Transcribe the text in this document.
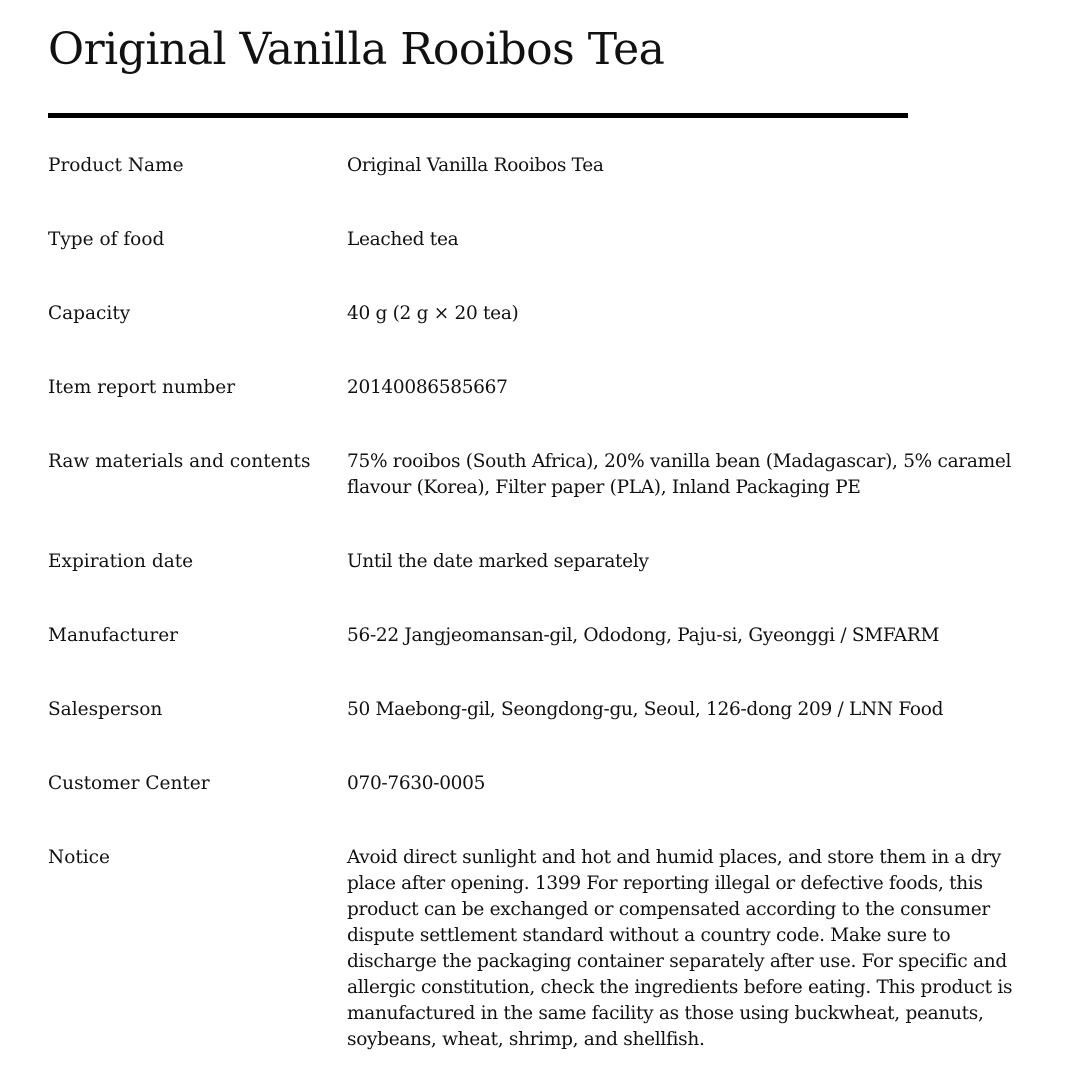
Original Vanilla Rooibos Tea
Product Name	Original Vanilla Rooibos Tea
Type of food	Leached tea
Capacity	40 g (2 g × 20 tea)
Item report number	20140086585667
Raw materials and contents	75% rooibos (South Africa), 20% vanilla bean (Madagascar), 5% caramel flavour (Korea), Filter paper (PLA), Inland Packaging PE
Expiration date	Until the date marked separately
Manufacturer	56-22 Jangjeomansan-gil, Ododong, Paju-si, Gyeonggi / SMFARM
Salesperson	50 Maebong-gil, Seongdong-gu, Seoul, 126-dong 209 / LNN Food
Customer Center	070-7630-0005
Notice	Avoid direct sunlight and hot and humid places, and store them in a dry place after opening. 1399 For reporting illegal or defective foods, this product can be exchanged or compensated according to the consumer dispute settlement standard without a country code. Make sure to discharge the packaging container separately after use. For specific and allergic constitution, check the ingredients before eating. This product is manufactured in the same facility as those using buckwheat, peanuts, soybeans, wheat, shrimp, and shellfish.
